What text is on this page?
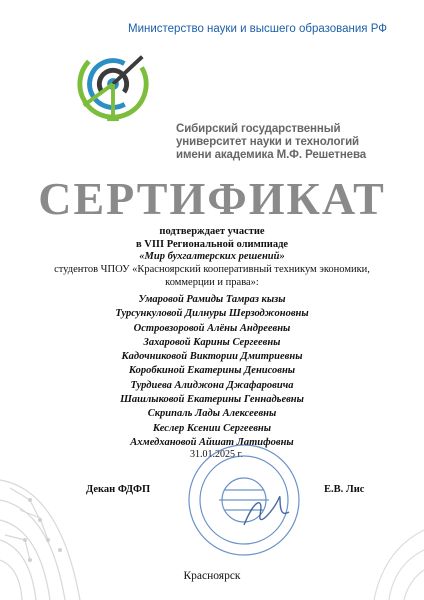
Министерство науки и высшего образования РФ
Сибирский государственный
университет науки и технологий
имени академика М.Ф. Решетнева
СЕРТИФИКАТ
подтверждает участие
в VIII Региональной олимпиаде
«Мир бухгалтерских решений»
студентов ЧПОУ «Красноярский кооперативный техникум экономики,
коммерции и права»:
Умаровой Рамиды Тамраз кызы
Турсункуловой Дилнуры Шерзоджоновны
Островзоровой Алёны Андреевны
Захаровой Карины Сергеевны
Кадочниковой Виктории Дмитриевны
Коробкиной Екатерины Денисовны
Турдиева Алиджона Джафаровича
Шашлыковой Екатерины Геннадьевны
Скрипаль Лады Алексеевны
Кеслер Ксении Сергеевны
Ахмедхановой Айшат Латифовны
31.01.2025 г.
Декан ФДФП	Е.В. Лис
Красноярск
